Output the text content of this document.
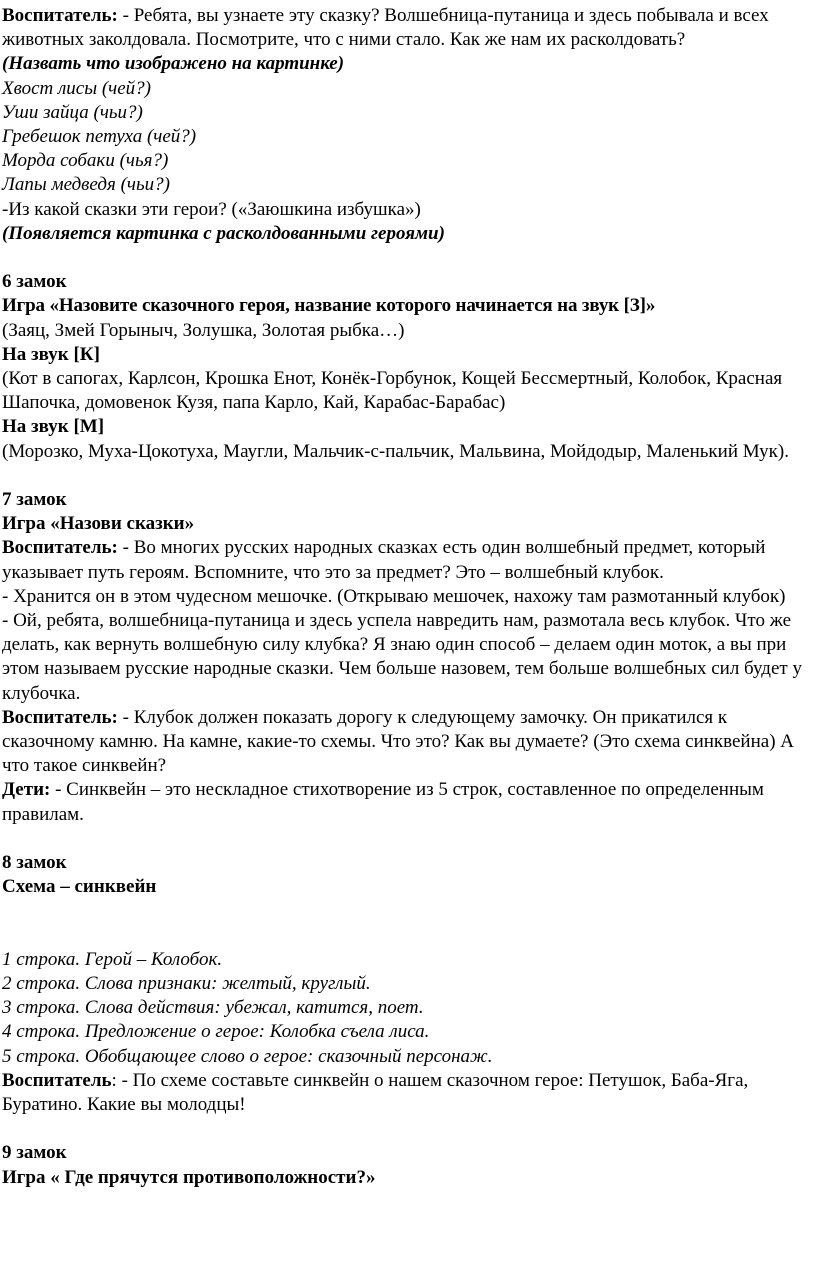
Воспитатель: - Ребята, вы узнаете эту сказку? Волшебница-путаница и здесь побывала и всех животных заколдовала. Посмотрите, что с ними стало. Как же нам их расколдовать?

(Назвать что изображено на картинке)

Хвост лисы (чей?)

Уши зайца (чьи?)

Гребешок петуха (чей?)

Морда собаки (чья?)

Лапы медведя (чьи?)

-Из какой сказки эти герои? («Заюшкина избушка»)

(Появляется картинка с расколдованными героями)

6 замок

Игра «Назовите сказочного героя, название которого начинается на звук [З]»

(Заяц, Змей Горыныч, Золушка, Золотая рыбка…)

На звук [К]

(Кот в сапогах, Карлсон, Крошка Енот, Конёк-Горбунок, Кощей Бессмертный, Колобок, Красная Шапочка, домовенок Кузя, папа Карло, Кай, Карабас-Барабас)

На звук [М]

(Морозко, Муха-Цокотуха, Маугли, Мальчик-с-пальчик, Мальвина, Мойдодыр, Маленький Мук).

7 замок

Игра «Назови сказки»

Воспитатель: - Во многих русских народных сказках есть один волшебный предмет, который указывает путь героям. Вспомните, что это за предмет? Это – волшебный клубок.

- Хранится он в этом чудесном мешочке. (Открываю мешочек, нахожу там размотанный клубок)

- Ой, ребята, волшебница-путаница и здесь успела навредить нам, размотала весь клубок. Что же делать, как вернуть волшебную силу клубка? Я знаю один способ – делаем один моток, а вы при этом называем русские народные сказки. Чем больше назовем, тем больше волшебных сил будет у клубочка.

Воспитатель: - Клубок должен показать дорогу к следующему замочку. Он прикатился к сказочному камню. На камне, какие-то схемы. Что это? Как вы думаете? (Это схема синквейна) А что такое синквейн?

Дети: - Синквейн – это нескладное стихотворение из 5 строк, составленное по определенным правилам.

8 замок

Схема – синквейн

1 строка. Герой – Колобок.

2 строка. Слова признаки: желтый, круглый.

3 строка. Слова действия: убежал, катится, поет.

4 строка. Предложение о герое: Колобка съела лиса.

5 строка. Обобщающее слово о герое: сказочный персонаж.

Воспитатель: - По схеме составьте синквейн о нашем сказочном герое: Петушок, Баба-Яга, Буратино. Какие вы молодцы!

9 замок

Игра « Где прячутся противоположности?»
